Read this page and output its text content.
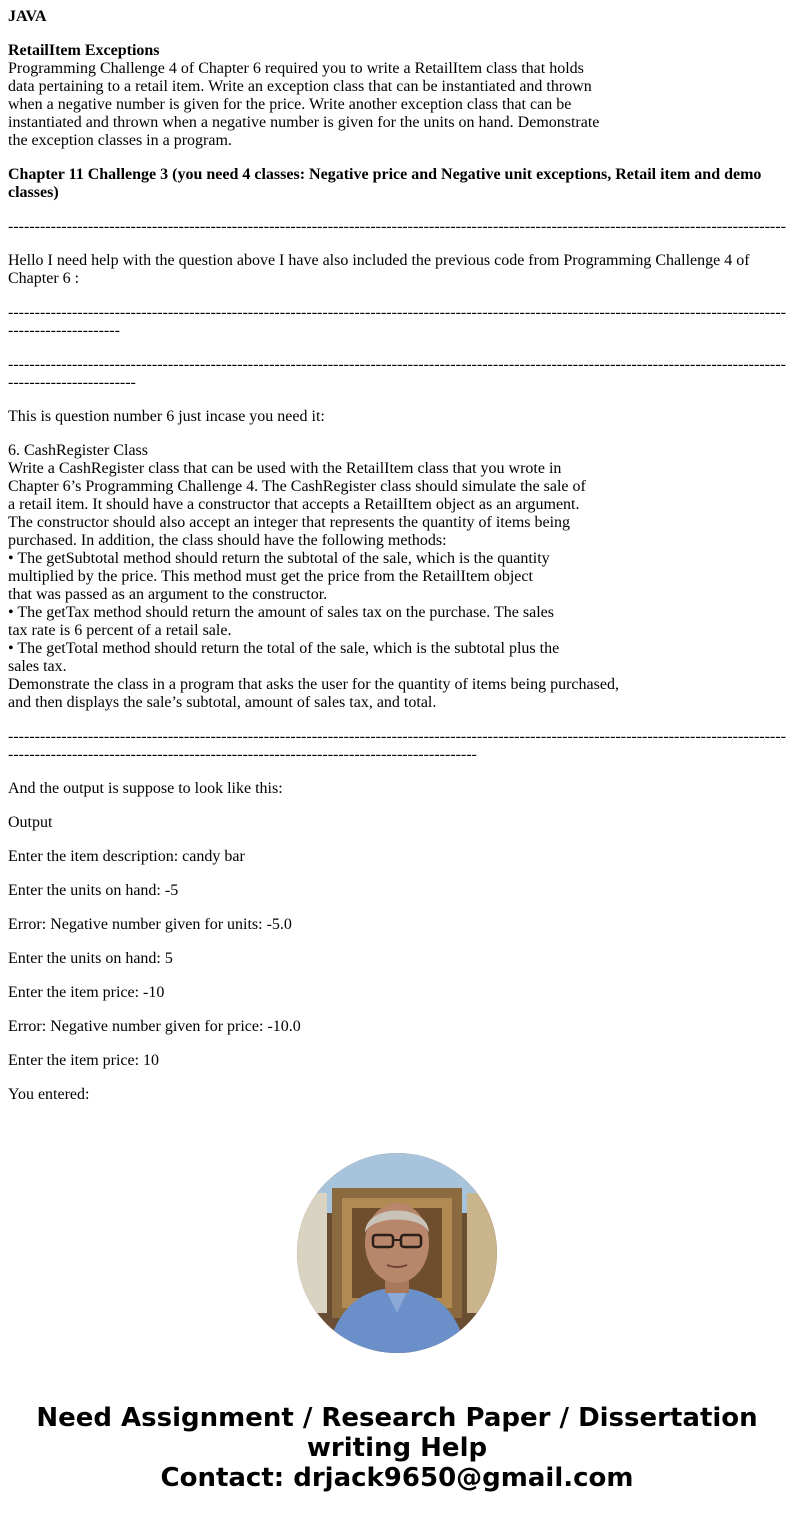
JAVA
RetailItem Exceptions
Programming Challenge 4 of Chapter 6 required you to write a RetailItem class that holds
data pertaining to a retail item. Write an exception class that can be instantiated and thrown
when a negative number is given for the price. Write another exception class that can be
instantiated and thrown when a negative number is given for the units on hand. Demonstrate
the exception classes in a program.
Chapter 11 Challenge 3 (you need 4 classes: Negative price and Negative unit exceptions, Retail item and demo classes)
--------------------------------------------------------------------------------------------------------------------------------------------------
Hello I need help with the question above I have also included the previous code from Programming Challenge 4 of Chapter 6 :
-----------------------------------------------------------------------------------------------------------------------------------------------------------------------
--------------------------------------------------------------------------------------------------------------------------------------------------------------------------
This is question number 6 just incase you need it:
6. CashRegister Class
Write a CashRegister class that can be used with the RetailItem class that you wrote in
Chapter 6’s Programming Challenge 4. The CashRegister class should simulate the sale of
a retail item. It should have a constructor that accepts a RetailItem object as an argument.
The constructor should also accept an integer that represents the quantity of items being
purchased. In addition, the class should have the following methods:
• The getSubtotal method should return the subtotal of the sale, which is the quantity
multiplied by the price. This method must get the price from the RetailItem object
that was passed as an argument to the constructor.
• The getTax method should return the amount of sales tax on the purchase. The sales
tax rate is 6 percent of a retail sale.
• The getTotal method should return the total of the sale, which is the subtotal plus the
sales tax.
Demonstrate the class in a program that asks the user for the quantity of items being purchased,
and then displays the sale’s subtotal, amount of sales tax, and total.
------------------------------------------------------------------------------------------------------------------------------------------------------------------------------------------------------------------------------------------
And the output is suppose to look like this:
Output
Enter the item description: candy bar
Enter the units on hand: -5
Error: Negative number given for units: -5.0
Enter the units on hand: 5
Enter the item price: -10
Error: Negative number given for price: -10.0
Enter the item price: 10
You entered:
Need Assignment / Research Paper / Dissertation
writing Help
Contact: drjack9650@gmail.com
